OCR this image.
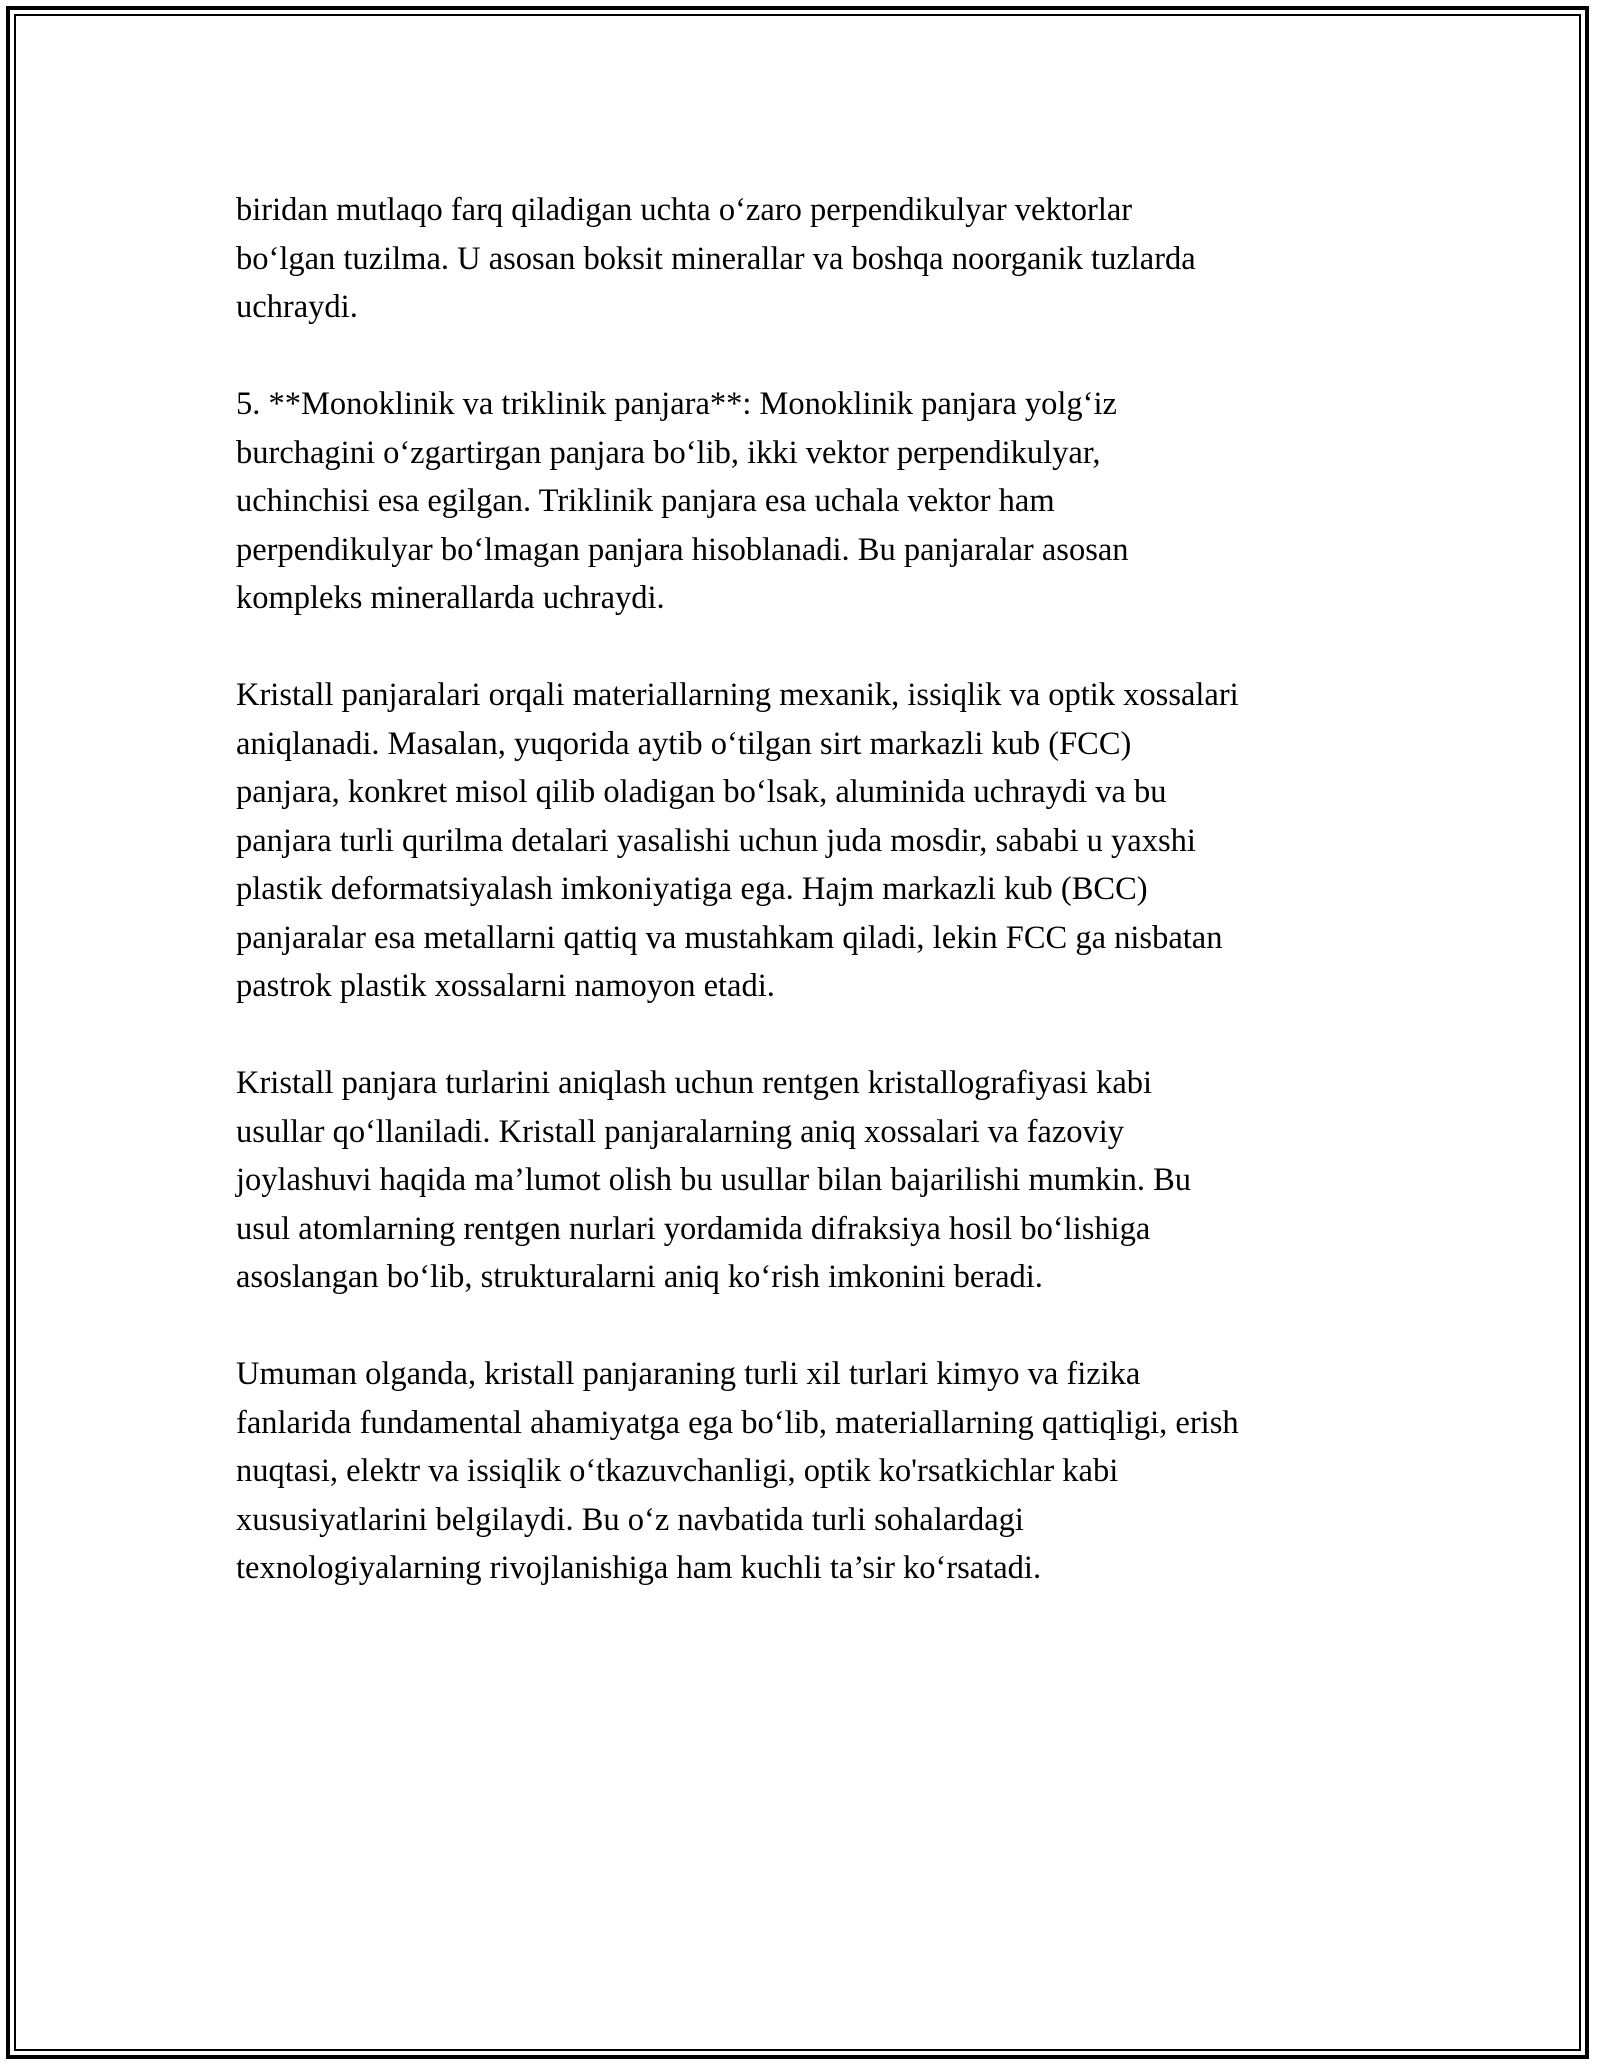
biridan mutlaqo farq qiladigan uchta o‘zaro perpendikulyar vektorlar
bo‘lgan tuzilma. U asosan boksit minerallar va boshqa noorganik tuzlarda
uchraydi.

5. **Monoklinik va triklinik panjara**: Monoklinik panjara yolg‘iz
burchagini o‘zgartirgan panjara bo‘lib, ikki vektor perpendikulyar,
uchinchisi esa egilgan. Triklinik panjara esa uchala vektor ham
perpendikulyar bo‘lmagan panjara hisoblanadi. Bu panjaralar asosan
kompleks minerallarda uchraydi.

Kristall panjaralari orqali materiallarning mexanik, issiqlik va optik xossalari
aniqlanadi. Masalan, yuqorida aytib o‘tilgan sirt markazli kub (FCC)
panjara, konkret misol qilib oladigan bo‘lsak, aluminida uchraydi va bu
panjara turli qurilma detalari yasalishi uchun juda mosdir, sababi u yaxshi
plastik deformatsiyalash imkoniyatiga ega. Hajm markazli kub (BCC)
panjaralar esa metallarni qattiq va mustahkam qiladi, lekin FCC ga nisbatan
pastrok plastik xossalarni namoyon etadi.

Kristall panjara turlarini aniqlash uchun rentgen kristallografiyasi kabi
usullar qo‘llaniladi. Kristall panjaralarning aniq xossalari va fazoviy
joylashuvi haqida ma’lumot olish bu usullar bilan bajarilishi mumkin. Bu
usul atomlarning rentgen nurlari yordamida difraksiya hosil bo‘lishiga
asoslangan bo‘lib, strukturalarni aniq ko‘rish imkonini beradi.

Umuman olganda, kristall panjaraning turli xil turlari kimyo va fizika
fanlarida fundamental ahamiyatga ega bo‘lib, materiallarning qattiqligi, erish
nuqtasi, elektr va issiqlik o‘tkazuvchanligi, optik ko'rsatkichlar kabi
xususiyatlarini belgilaydi. Bu o‘z navbatida turli sohalardagi
texnologiyalarning rivojlanishiga ham kuchli ta’sir ko‘rsatadi.
